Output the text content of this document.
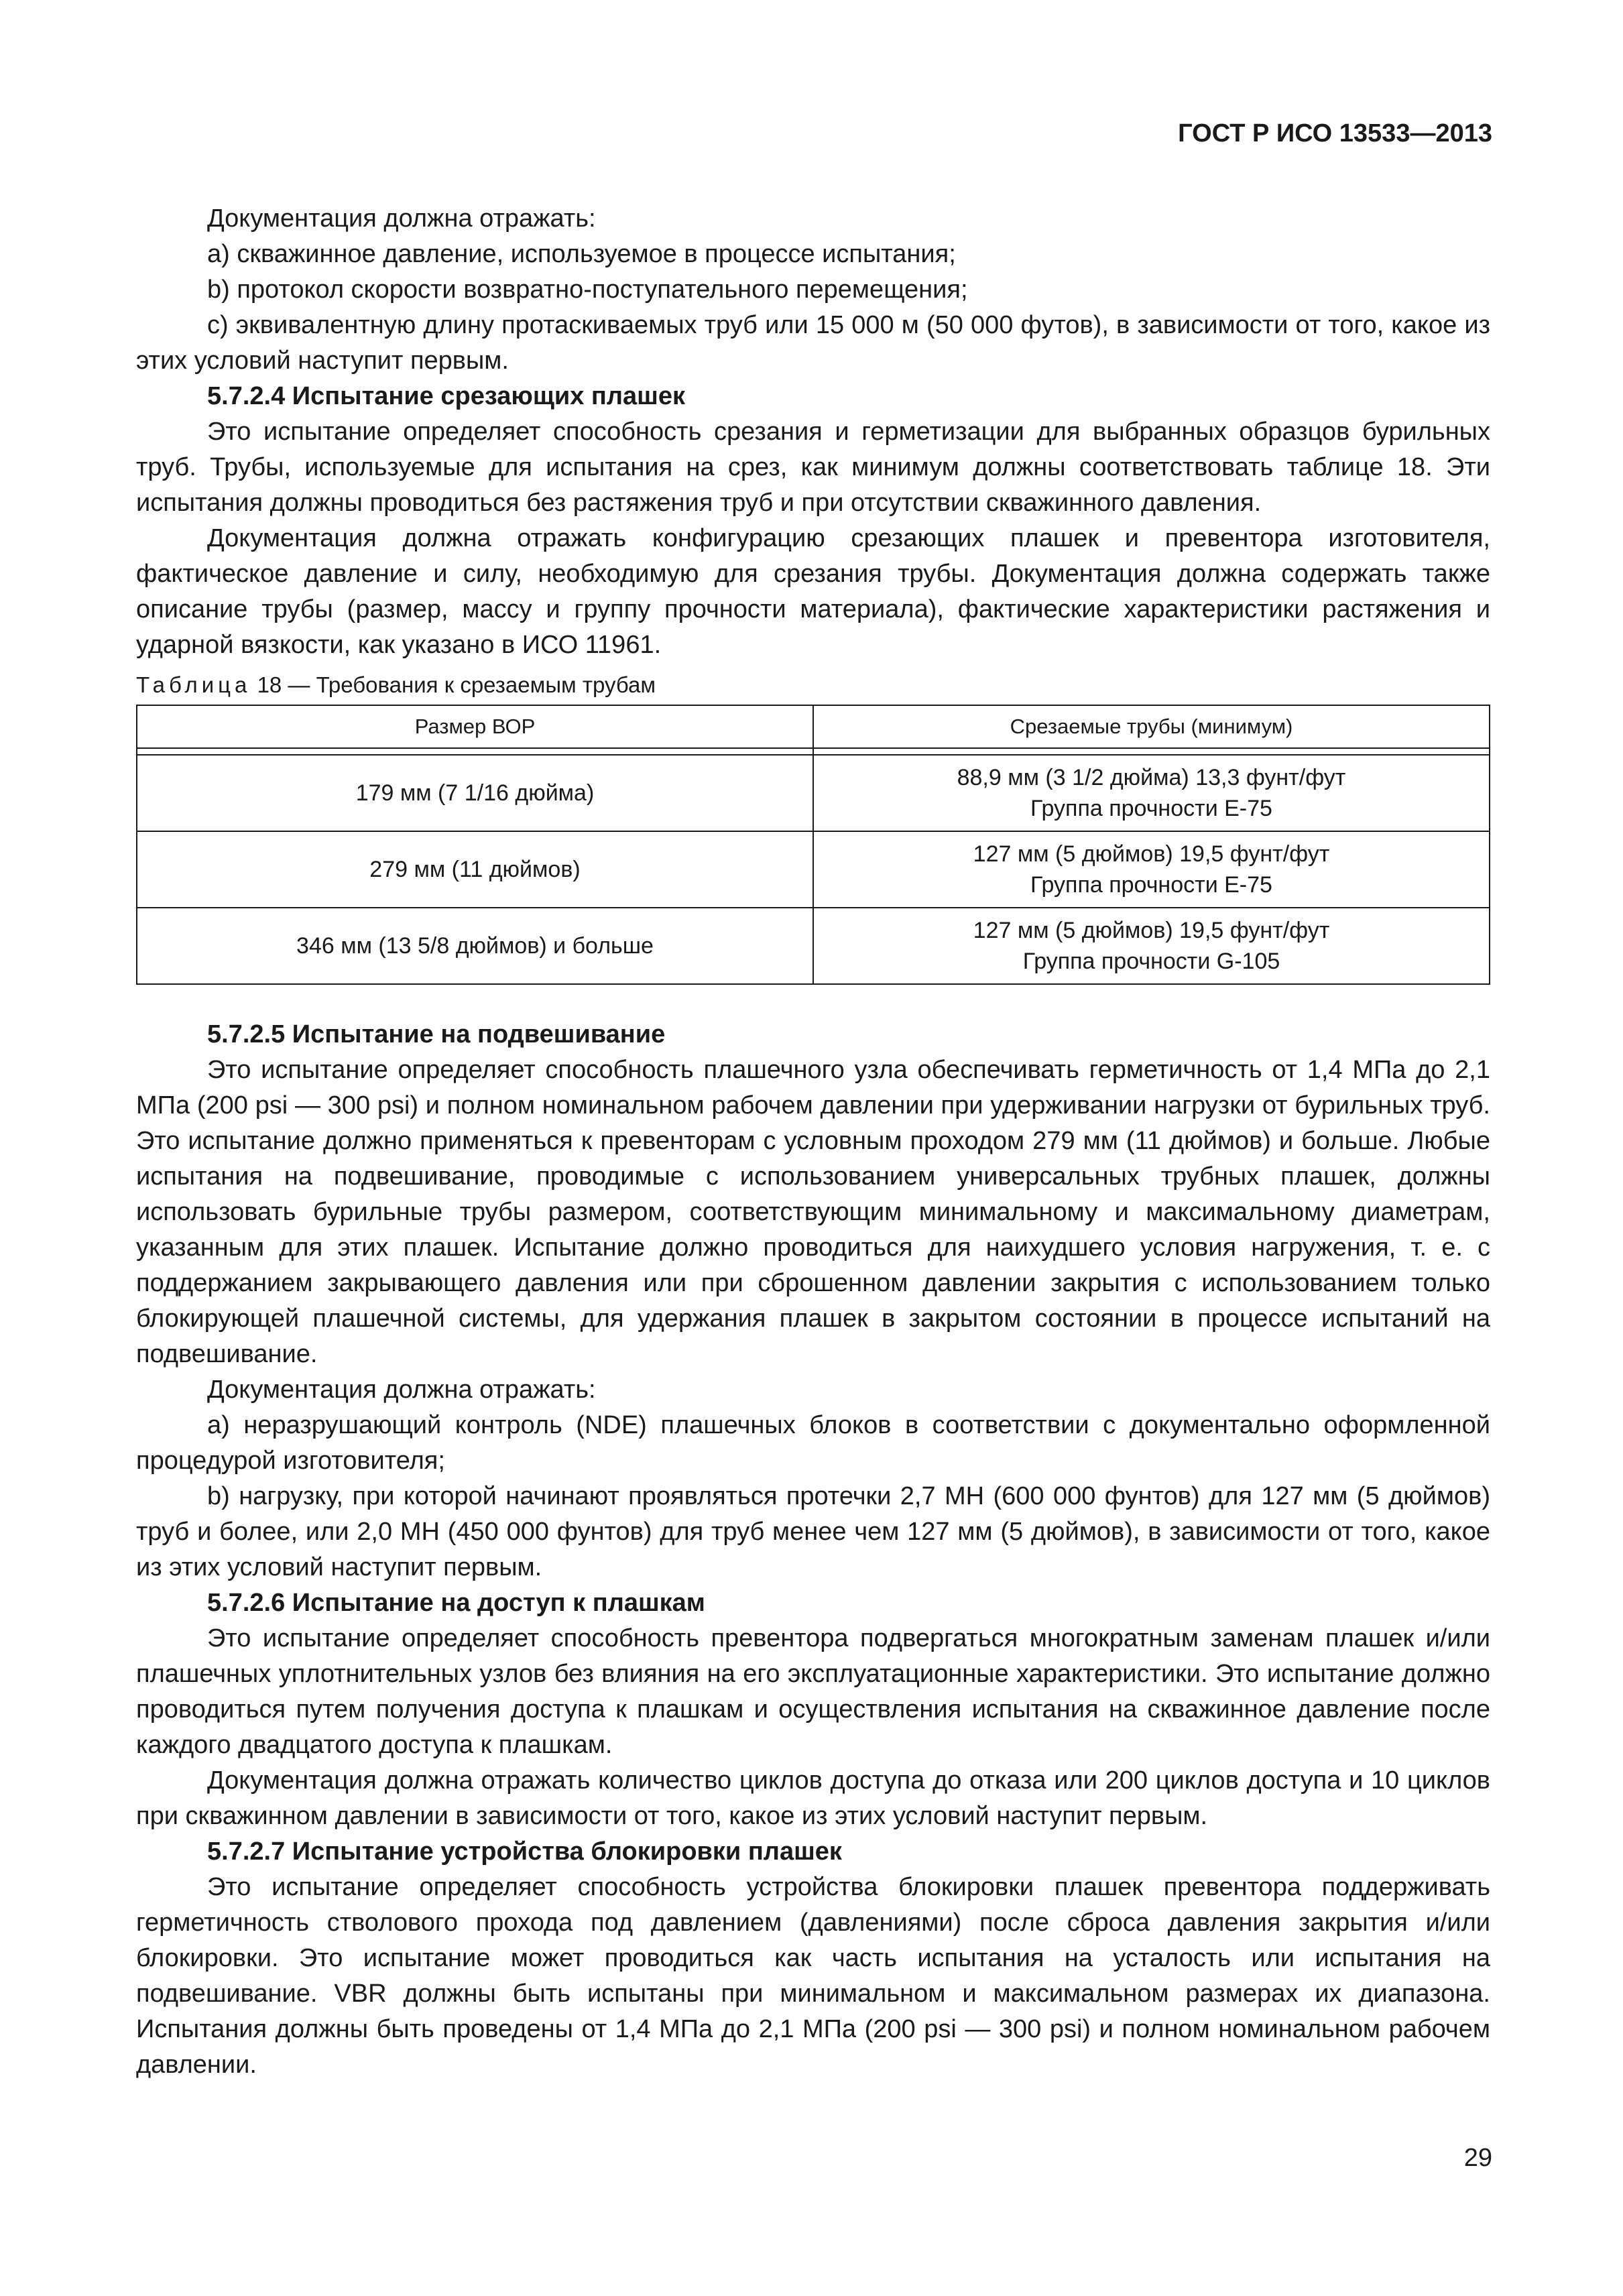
ГОСТ Р ИСО 13533—2013

Документация должна отражать:

a) скважинное давление, используемое в процессе испытания;

b) протокол скорости возвратно-поступательного перемещения;

c) эквивалентную длину протаскиваемых труб или 15 000 м (50 000 футов), в зависимости от того, какое из этих условий наступит первым.

5.7.2.4 Испытание срезающих плашек

Это испытание определяет способность срезания и герметизации для выбранных образцов бурильных труб. Трубы, используемые для испытания на срез, как минимум должны соответствовать таблице 18. Эти испытания должны проводиться без растяжения труб и при отсутствии скважинного давления.

Документация должна отражать конфигурацию срезающих плашек и превентора изготовителя, фактическое давление и силу, необходимую для срезания трубы. Документация должна содержать также описание трубы (размер, массу и группу прочности материала), фактические характеристики растяжения и ударной вязкости, как указано в ИСО 11961.

Таблица 18 — Требования к срезаемым трубам
Размер ВОР	Срезаемые трубы (минимум)

179 мм (7 1/16 дюйма)	88,9 мм (3 1/2 дюйма) 13,3 фунт/фут
Группа прочности Е-75

279 мм (11 дюймов)	127 мм (5 дюймов) 19,5 фунт/фут
Группа прочности Е-75

346 мм (13 5/8 дюймов) и больше	127 мм (5 дюймов) 19,5 фунт/фут
Группа прочности G-105

5.7.2.5 Испытание на подвешивание

Это испытание определяет способность плашечного узла обеспечивать герметичность от 1,4 МПа до 2,1 МПа (200 psi — 300 psi) и полном номинальном рабочем давлении при удерживании нагрузки от бурильных труб. Это испытание должно применяться к превенторам с условным проходом 279 мм (11 дюймов) и больше. Любые испытания на подвешивание, проводимые с использованием универсальных трубных плашек, должны использовать бурильные трубы размером, соответствующим минимальному и максимальному диаметрам, указанным для этих плашек. Испытание должно проводиться для наихудшего условия нагружения, т. е. с поддержанием закрывающего давления или при сброшенном давлении закрытия с использованием только блокирующей плашечной системы, для удержания плашек в закрытом состоянии в процессе испытаний на подвешивание.

Документация должна отражать:

a) неразрушающий контроль (NDE) плашечных блоков в соответствии с документально оформленной процедурой изготовителя;

b) нагрузку, при которой начинают проявляться протечки 2,7 МН (600 000 фунтов) для 127 мм (5 дюймов) труб и более, или 2,0 МН (450 000 фунтов) для труб менее чем 127 мм (5 дюймов), в зависимости от того, какое из этих условий наступит первым.

5.7.2.6 Испытание на доступ к плашкам

Это испытание определяет способность превентора подвергаться многократным заменам плашек и/или плашечных уплотнительных узлов без влияния на его эксплуатационные характеристики. Это испытание должно проводиться путем получения доступа к плашкам и осуществления испытания на скважинное давление после каждого двадцатого доступа к плашкам.

Документация должна отражать количество циклов доступа до отказа или 200 циклов доступа и 10 циклов при скважинном давлении в зависимости от того, какое из этих условий наступит первым.

5.7.2.7 Испытание устройства блокировки плашек

Это испытание определяет способность устройства блокировки плашек превентора поддерживать герметичность стволового прохода под давлением (давлениями) после сброса давления закрытия и/или блокировки. Это испытание может проводиться как часть испытания на усталость или испытания на подвешивание. VBR должны быть испытаны при минимальном и максимальном размерах их диапазона. Испытания должны быть проведены от 1,4 МПа до 2,1 МПа (200 psi — 300 psi) и полном номинальном рабочем давлении.

29
